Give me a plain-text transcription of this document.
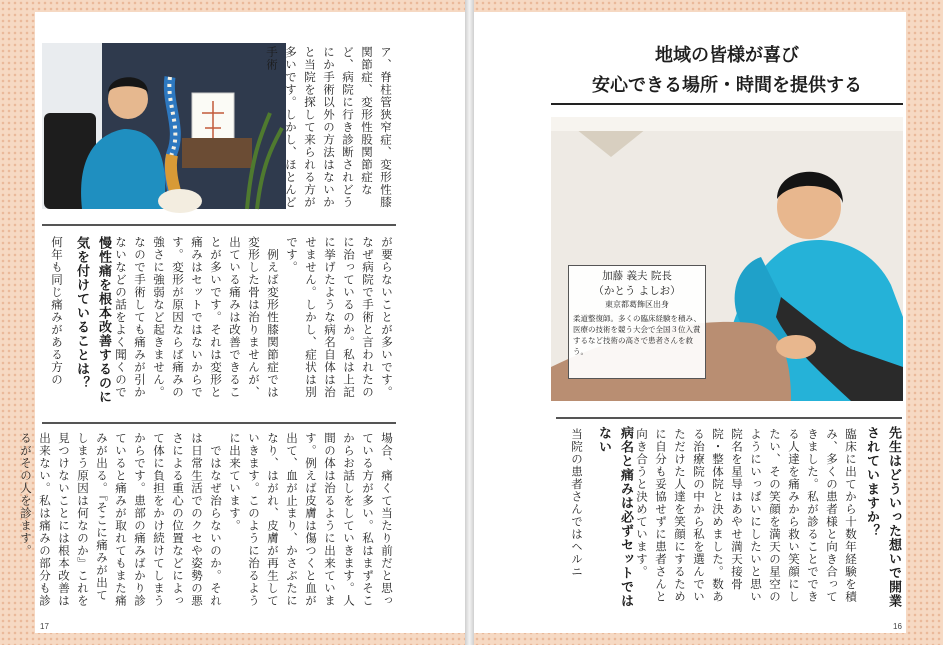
ア、脊柱管狭窄症、変形性膝関節症、変形性股関節症など、病院に行き診断されどうにか手術以外の方法はないかと当院を探して来られる方が多いです。しかし、ほとんど手術
が要らないことが多いです。なぜ病院で手術と言われたのに治っているのか。私は上記に挙げたような病名自体は治せません。しかし、症状は別です。
　例えば変形性膝関節症では変形した骨は治りませんが、出ている痛みは改善できることが多いです。それは変形と痛みはセットではないからです。変形が原因ならば痛みの強さに強弱など起きません。なので手術しても痛みが引かないなどの話をよく聞くので
慢性痛を根本改善するのに気を付けていることは？
何年も同じ痛みがある方の
場合、痛くて当たり前だと思っている方が多い。私はまずそこからお話しをしていきます。人間の体は治るように出来ています。例えば皮膚は傷つくと血が出て、血が止まり、かさぶたになり、はがれ、皮膚が再生していきます。このように治るように出来ています。
　ではなぜ治らないのか。それは日常生活でのクセや姿勢の悪さによる重心の位置などによって体に負担をかけ続けてしまうからです。患部の痛みばかり診ていると痛みが取れてもまた痛みが出る。『そこに痛みが出てしまう原因は何なのか』これを見つけないことには根本改善は出来ない。私は痛みの部分も診るがその人を診ます。
17
地域の皆様が喜び
安心できる場所・時間を提供する
加藤 義夫 院長
（かとう よしお）
東京都葛飾区出身
柔道整復師。多くの臨床経験を積み、医療の技術を競う大会で全国３位入賞するなど技術の高さで患者さんを救う。
先生はどういった想いで開業されていますか？
臨床に出てから十数年経験を積み、多くの患者様と向き合ってきました。私が診ることでできる人達を痛みから救い笑顔にしたい、その笑顔を満天の星空のようにいっぱいにしたいと思い院名を星导はあやせ満天接骨院・整体院と決めました。数ある治療院の中から私を選んでいただけた人達を笑顔にするために自分も妥協せずに患者さんと向き合うと決めています。
病名と痛みは必ずセットではない
当院の患者さんではヘルニ
16
